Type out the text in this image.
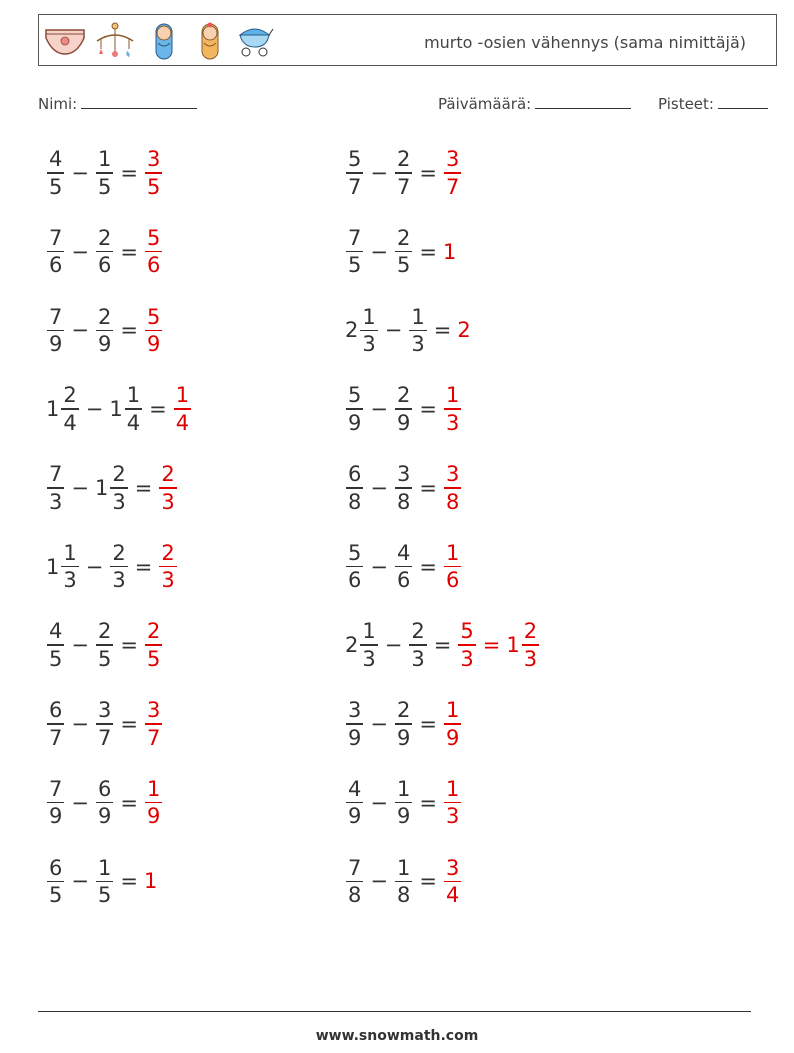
murto -osien vähennys (sama nimittäjä)
Nimi:	Päivämäärä:	Pisteet:
$\frac{4}{5} - \frac{1}{5} = \frac{3}{5}$	$\frac{5}{7} - \frac{2}{7} = \frac{3}{7}$
$\frac{7}{6} - \frac{2}{6} = \frac{5}{6}$	$\frac{7}{5} - \frac{2}{5} = 1$
$\frac{7}{9} - \frac{2}{9} = \frac{5}{9}$	$2 \frac{1}{3} - \frac{1}{3} = 2$
$1 \frac{2}{4} - 1 \frac{1}{4} = \frac{1}{4}$	$\frac{5}{9} - \frac{2}{9} = \frac{1}{3}$
$\frac{7}{3} - 1 \frac{2}{3} = \frac{2}{3}$	$\frac{6}{8} - \frac{3}{8} = \frac{3}{8}$
$1 \frac{1}{3} - \frac{2}{3} = \frac{2}{3}$	$\frac{5}{6} - \frac{4}{6} = \frac{1}{6}$
$\frac{4}{5} - \frac{2}{5} = \frac{2}{5}$	$2 \frac{1}{3} - \frac{2}{3} = \frac{5}{3} = 1 \frac{2}{3}$
$\frac{6}{7} - \frac{3}{7} = \frac{3}{7}$	$\frac{3}{9} - \frac{2}{9} = \frac{1}{9}$
$\frac{7}{9} - \frac{6}{9} = \frac{1}{9}$	$\frac{4}{9} - \frac{1}{9} = \frac{1}{3}$
$\frac{6}{5} - \frac{1}{5} = 1$	$\frac{7}{8} - \frac{1}{8} = \frac{3}{4}$
www.snowmath.com
